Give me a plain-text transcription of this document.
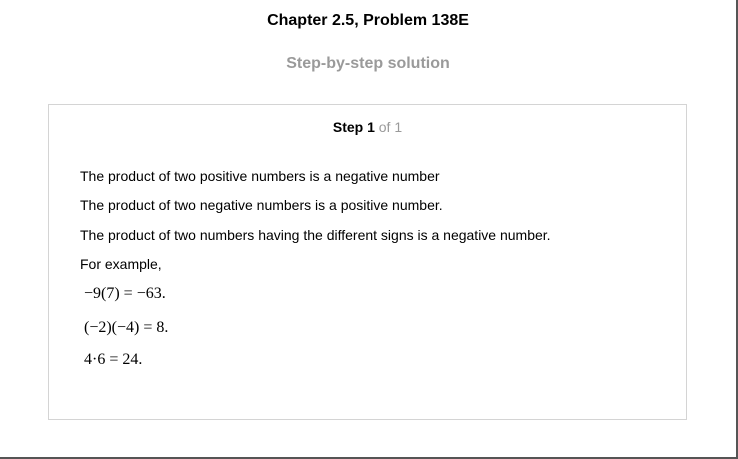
Chapter 2.5, Problem 138E
Step-by-step solution
Step 1 of 1
The product of two positive numbers is a negative number
The product of two negative numbers is a positive number.
The product of two numbers having the different signs is a negative number.
For example,
−9(7) = −63.
(−2)(−4) = 8.
4·6 = 24.
